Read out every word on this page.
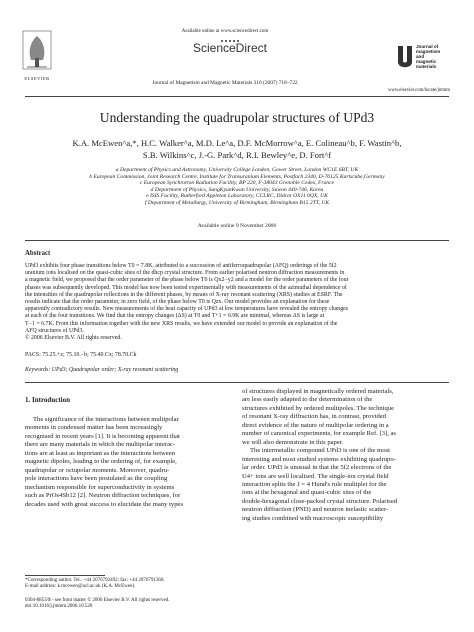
ELSEVIER
Available online at www.sciencedirect.com
ScienceDirect
Journal of Magnetism and Magnetic Materials 310 (2007) 718–722
Journal of
magnetism
and
magnetic
materials
www.elsevier.com/locate/jmmm
Understanding the quadrupolar structures of UPd3
K.A. McEwen^a,*, H.C. Walker^a, M.D. Le^a, D.F. McMorrow^a, E. Colineau^b, F. Wastin^b,
S.B. Wilkins^c, J.-G. Park^d, R.I. Bewley^e, D. Fort^f
a Department of Physics and Astronomy, University College London, Gower Street, London WC1E 6BT, UK
b European Commission, Joint Research Centre, Institute for Transuranium Elements, Postfach 2340, D-76125 Karlsruhe,Germany
c European Synchrotron Radiation Facility, BP 220, F-38043 Grenoble Cedex, France
d Department of Physics, SungKyunKwan University, Suwon 440-746, Korea
e ISIS Facility, Rutherford Appleton Laboratory, CCLRC, Didcot OX11 0QX, UK
f Department of Metallurgy, University of Birmingham, Birmingham B15 2TT, UK
Available online 9 November 2006
Abstract
UPd3 exhibits four phase transitions below T0 = 7.8K, attributed to a succession of antiferroquadrupolar (AFQ) orderings of the 5f2
uranium ions localised on the quasi-cubic sites of the dhcp crystal structure. From earlier polarised neutron diffraction measurements in
a magnetic field, we proposed that the order parameter of the phase below T0 is Qx2−y2 and a model for the order parameters of the four
phases was subsequently developed. This model has now been tested experimentally with measurements of the azimuthal dependence of
the intensities of the quadrupolar reflections in the different phases, by means of X-ray resonant scattering (XRS) studies at ESRF. The
results indicate that the order parameter, in zero field, of the phase below T0 is Qzx. Our model provides an explanation for these
apparently contradictory results. New measurements of the heat capacity of UPd3 at low temperatures have revealed the entropy changes
at each of the four transitions. We find that the entropy changes (ΔS) at T0 and T+1 = 6.9K are minimal, whereas ΔS is large at
T−1 = 6.7K. From this information together with the new XRS results, we have extended our model to provide an explanation of the
AFQ structures of UPd3.
© 2006 Elsevier B.V. All rights reserved.
PACS: 75.25.+z; 75.10.−b; 75.40.Cx; 78.70.Ck
Keywords: UPd3; Quadrupolar order; X-ray resonant scattering
1. Introduction
The significance of the interactions between multipolar
moments in condensed matter has been increasingly
recognised in recent years [1]. It is becoming apparent that
there are many materials in which the multipolar interac-
tions are at least as important as the interactions between
magnetic dipoles, leading to the ordering of, for example,
quadrupolar or octupolar moments. Moreover, quadru-
pole interactions have been postulated as the coupling
mechanism responsible for superconductivity in systems
such as PrOs4Sb12 [2]. Neutron diffraction techniques, for
decades used with great success to elucidate the many types
of structures displayed in magnetically ordered materials,
are less easily adapted to the determination of the
structures exhibited by ordered multipoles. The technique
of resonant X-ray diffraction has, in contrast, provided
direct evidence of the nature of multipolar ordering in a
number of canonical experiments, for example Ref. [3], as
we will also demonstrate in this paper.
The intermetallic compound UPd3 is one of the most
interesting and most studied systems exhibiting quadrupo-
lar order. UPd3 is unusual in that the 5f2 electrons of the
U4+ ions are well localised. The single-ion crystal field
interaction splits the J = 4 Hund's rule multiplet for the
ions at the hexagonal and quasi-cubic sites of the
double-hexagonal close-packed crystal structure. Polarised
neutron diffraction (PND) and neutron inelastic scatter-
ing studies combined with macroscopic susceptibility
*Corresponding author. Tel.: +44 2076793492; fax: +44 2076791360.
E-mail address: k.mcewen@ucl.ac.uk (K.A. McEwen).
0304-8853/$ - see front matter © 2006 Elsevier B.V. All rights reserved.
doi:10.1016/j.jmmm.2006.10.520
